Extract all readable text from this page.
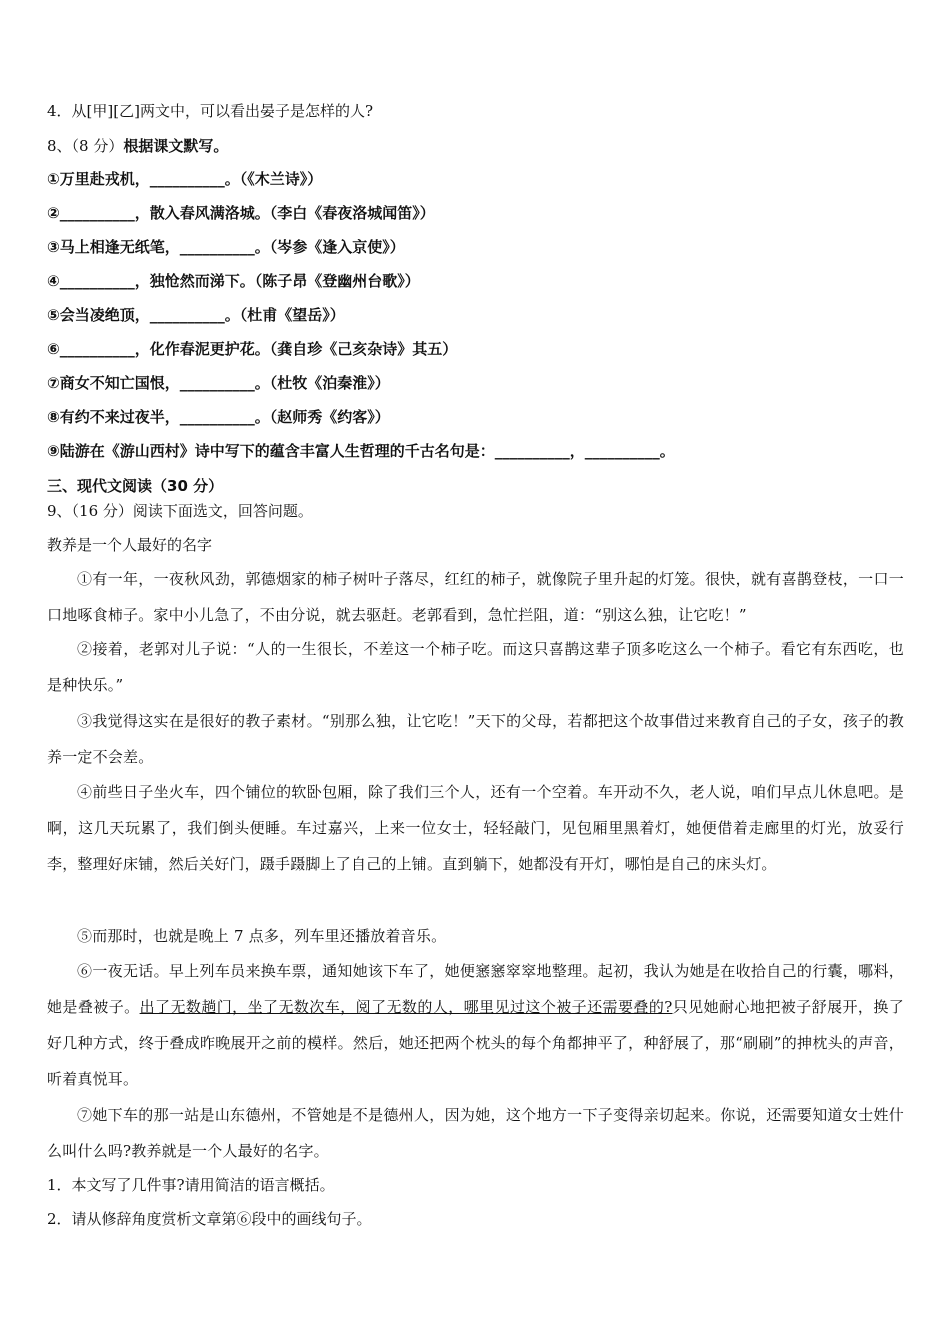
4．从[甲][乙]两文中，可以看出晏子是怎样的人?
8、（8 分）根据课文默写。
①万里赴戎机，__________。（《木兰诗》）
②__________，散入春风满洛城。（李白《春夜洛城闻笛》）
③马上相逢无纸笔，__________。（岑参《逢入京使》）
④__________，独怆然而涕下。（陈子昂《登幽州台歌》）
⑤会当凌绝顶，__________。（杜甫《望岳》）
⑥__________，化作春泥更护花。（龚自珍《己亥杂诗》其五）
⑦商女不知亡国恨，__________。（杜牧《泊秦淮》）
⑧有约不来过夜半，__________。（赵师秀《约客》）
⑨陆游在《游山西村》诗中写下的蕴含丰富人生哲理的千古名句是：__________，__________。
三、现代文阅读（30 分）
9、（16 分）阅读下面选文，回答问题。
教养是一个人最好的名字
①有一年，一夜秋风劲，郭德烟家的柿子树叶子落尽，红红的柿子，就像院子里升起的灯笼。很快，就有喜鹊登枝，一口一口地啄食柿子。家中小儿急了，不由分说，就去驱赶。老郭看到，急忙拦阻，道：“别这么独，让它吃！”
②接着，老郭对儿子说：“人的一生很长，不差这一个柿子吃。而这只喜鹊这辈子顶多吃这么一个柿子。看它有东西吃，也是种快乐。”
③我觉得这实在是很好的教子素材。“别那么独，让它吃！”天下的父母，若都把这个故事借过来教育自己的子女，孩子的教养一定不会差。
④前些日子坐火车，四个铺位的软卧包厢，除了我们三个人，还有一个空着。车开动不久，老人说，咱们早点儿休息吧。是啊，这几天玩累了，我们倒头便睡。车过嘉兴，上来一位女士，轻轻敲门，见包厢里黑着灯，她便借着走廊里的灯光，放妥行李，整理好床铺，然后关好门，蹑手蹑脚上了自己的上铺。直到躺下，她都没有开灯，哪怕是自己的床头灯。
⑤而那时，也就是晚上 7 点多，列车里还播放着音乐。
⑥一夜无话。早上列车员来换车票，通知她该下车了，她便窸窸窣窣地整理。起初，我认为她是在收拾自己的行囊，哪料，她是叠被子。出了无数趟门，坐了无数次车，阅了无数的人，哪里见过这个被子还需要叠的?只见她耐心地把被子舒展开，换了好几种方式，终于叠成昨晚展开之前的模样。然后，她还把两个枕头的每个角都抻平了，种舒展了，那“刷刷”的抻枕头的声音，听着真悦耳。
⑦她下车的那一站是山东德州，不管她是不是德州人，因为她，这个地方一下子变得亲切起来。你说，还需要知道女士姓什么叫什么吗?教养就是一个人最好的名字。
1．本文写了几件事?请用简洁的语言概括。
2．请从修辞角度赏析文章第⑥段中的画线句子。
